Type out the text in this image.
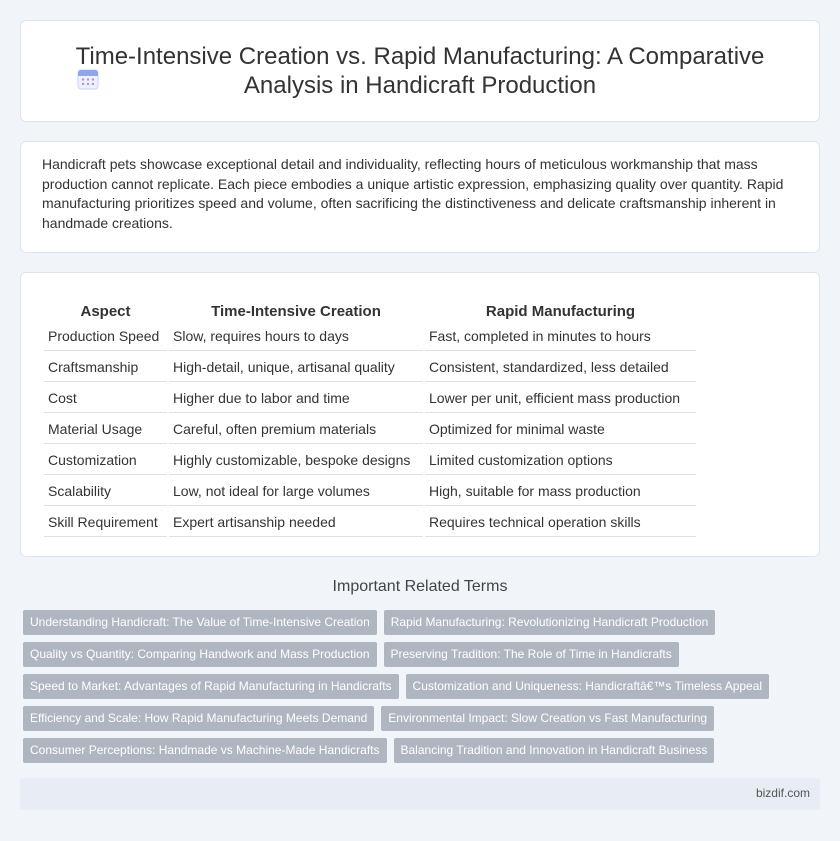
Time-Intensive Creation vs. Rapid Manufacturing: A Comparative Analysis in Handicraft Production

Handicraft pets showcase exceptional detail and individuality, reflecting hours of meticulous workmanship that mass production cannot replicate. Each piece embodies a unique artistic expression, emphasizing quality over quantity. Rapid manufacturing prioritizes speed and volume, often sacrificing the distinctiveness and delicate craftsmanship inherent in handmade creations.

Aspect	Time-Intensive Creation	Rapid Manufacturing
Production Speed	Slow, requires hours to days	Fast, completed in minutes to hours
Craftsmanship	High-detail, unique, artisanal quality	Consistent, standardized, less detailed
Cost	Higher due to labor and time	Lower per unit, efficient mass production
Material Usage	Careful, often premium materials	Optimized for minimal waste
Customization	Highly customizable, bespoke designs	Limited customization options
Scalability	Low, not ideal for large volumes	High, suitable for mass production
Skill Requirement	Expert artisanship needed	Requires technical operation skills
Important Related Terms
Understanding Handicraft: The Value of Time-Intensive Creation	Rapid Manufacturing: Revolutionizing Handicraft Production
Quality vs Quantity: Comparing Handwork and Mass Production	Preserving Tradition: The Role of Time in Handicrafts
Speed to Market: Advantages of Rapid Manufacturing in Handicrafts	Customization and Uniqueness: Handicraftâ€™s Timeless Appeal
Efficiency and Scale: How Rapid Manufacturing Meets Demand	Environmental Impact: Slow Creation vs Fast Manufacturing
Consumer Perceptions: Handmade vs Machine-Made Handicrafts	Balancing Tradition and Innovation in Handicraft Business
bizdif.com
